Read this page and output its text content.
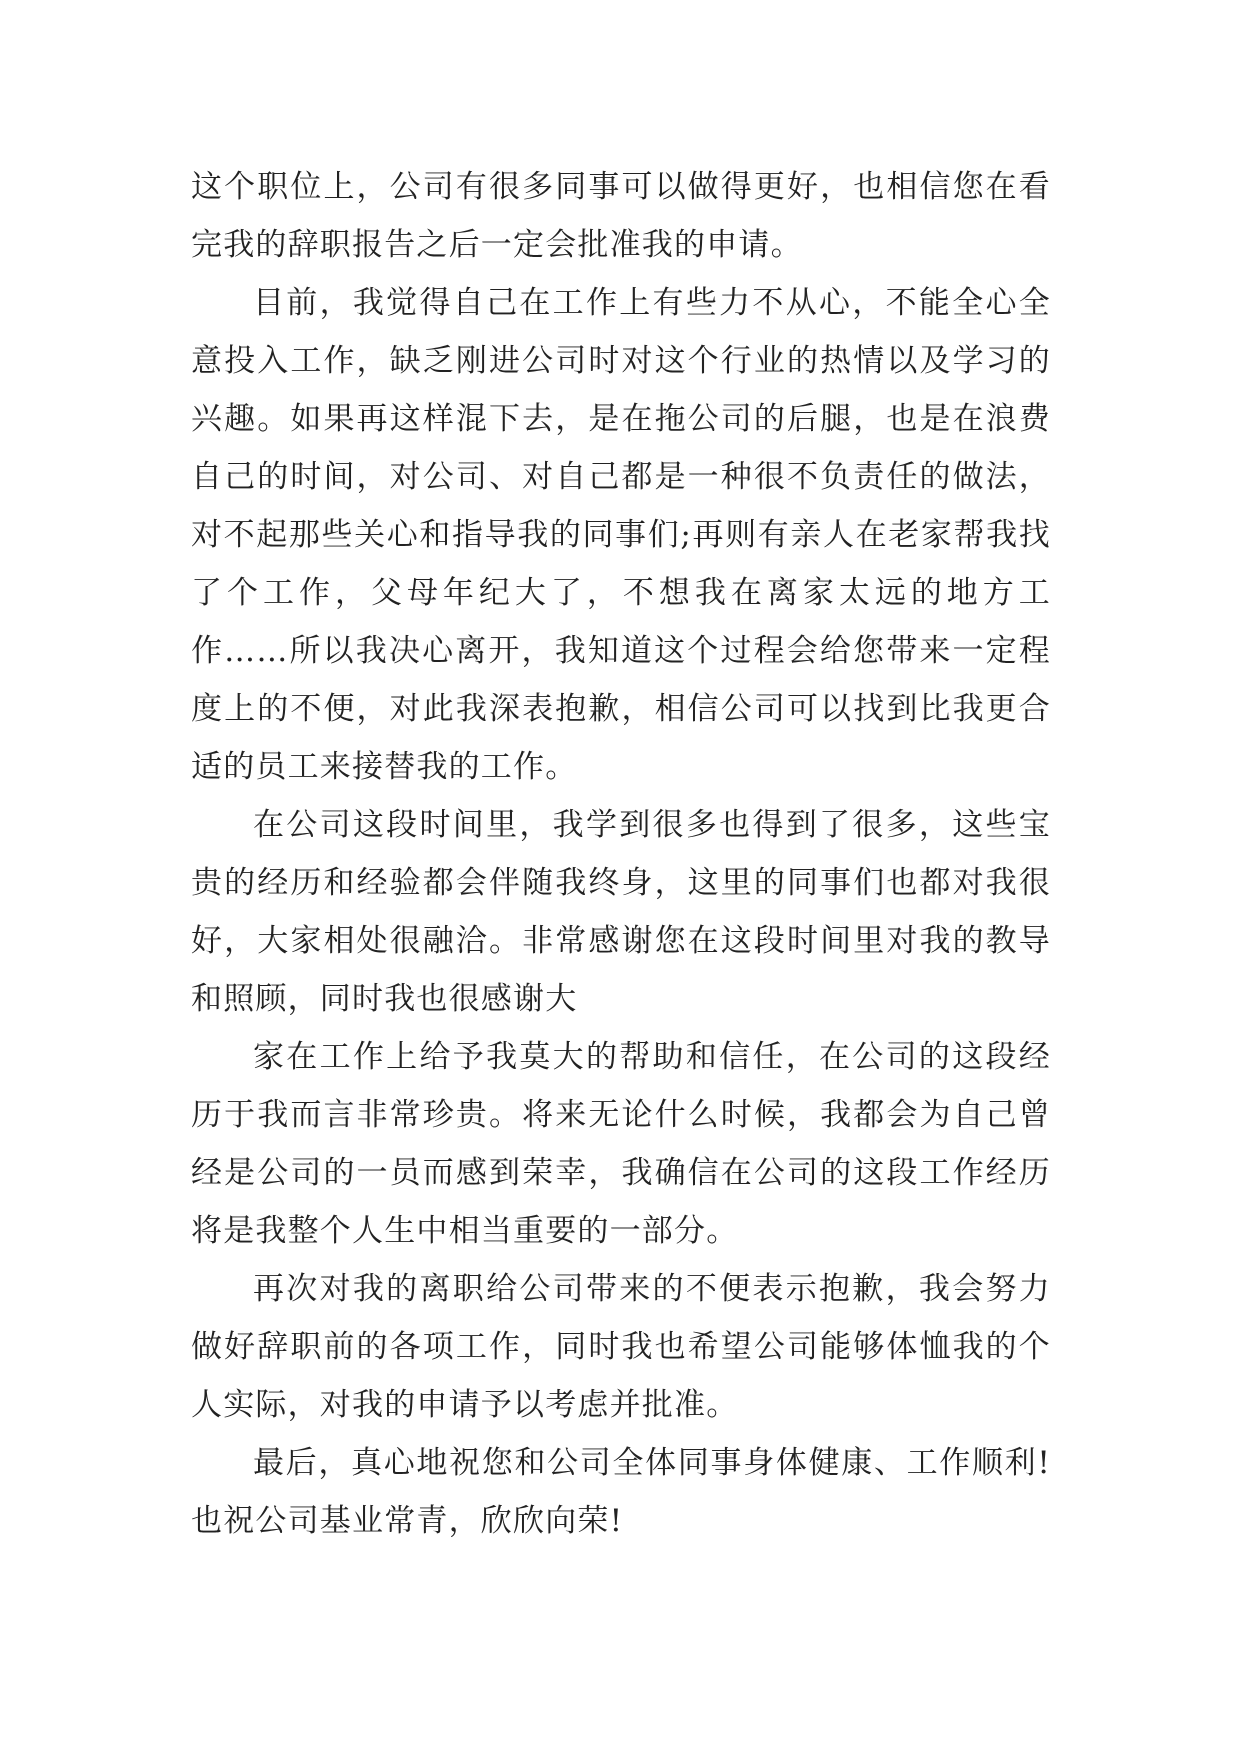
这个职位上，公司有很多同事可以做得更好，也相信您在看完我的辞职报告之后一定会批准我的申请。

目前，我觉得自己在工作上有些力不从心，不能全心全意投入工作，缺乏刚进公司时对这个行业的热情以及学习的兴趣。如果再这样混下去，是在拖公司的后腿，也是在浪费自己的时间，对公司、对自己都是一种很不负责任的做法，对不起那些关心和指导我的同事们;再则有亲人在老家帮我找了个工作，父母年纪大了，不想我在离家太远的地方工作……所以我决心离开，我知道这个过程会给您带来一定程度上的不便，对此我深表抱歉，相信公司可以找到比我更合适的员工来接替我的工作。

在公司这段时间里，我学到很多也得到了很多，这些宝贵的经历和经验都会伴随我终身，这里的同事们也都对我很好，大家相处很融洽。非常感谢您在这段时间里对我的教导和照顾，同时我也很感谢大

家在工作上给予我莫大的帮助和信任，在公司的这段经历于我而言非常珍贵。将来无论什么时候，我都会为自己曾经是公司的一员而感到荣幸，我确信在公司的这段工作经历将是我整个人生中相当重要的一部分。

再次对我的离职给公司带来的不便表示抱歉，我会努力做好辞职前的各项工作，同时我也希望公司能够体恤我的个人实际，对我的申请予以考虑并批准。

最后，真心地祝您和公司全体同事身体健康、工作顺利!也祝公司基业常青，欣欣向荣!
